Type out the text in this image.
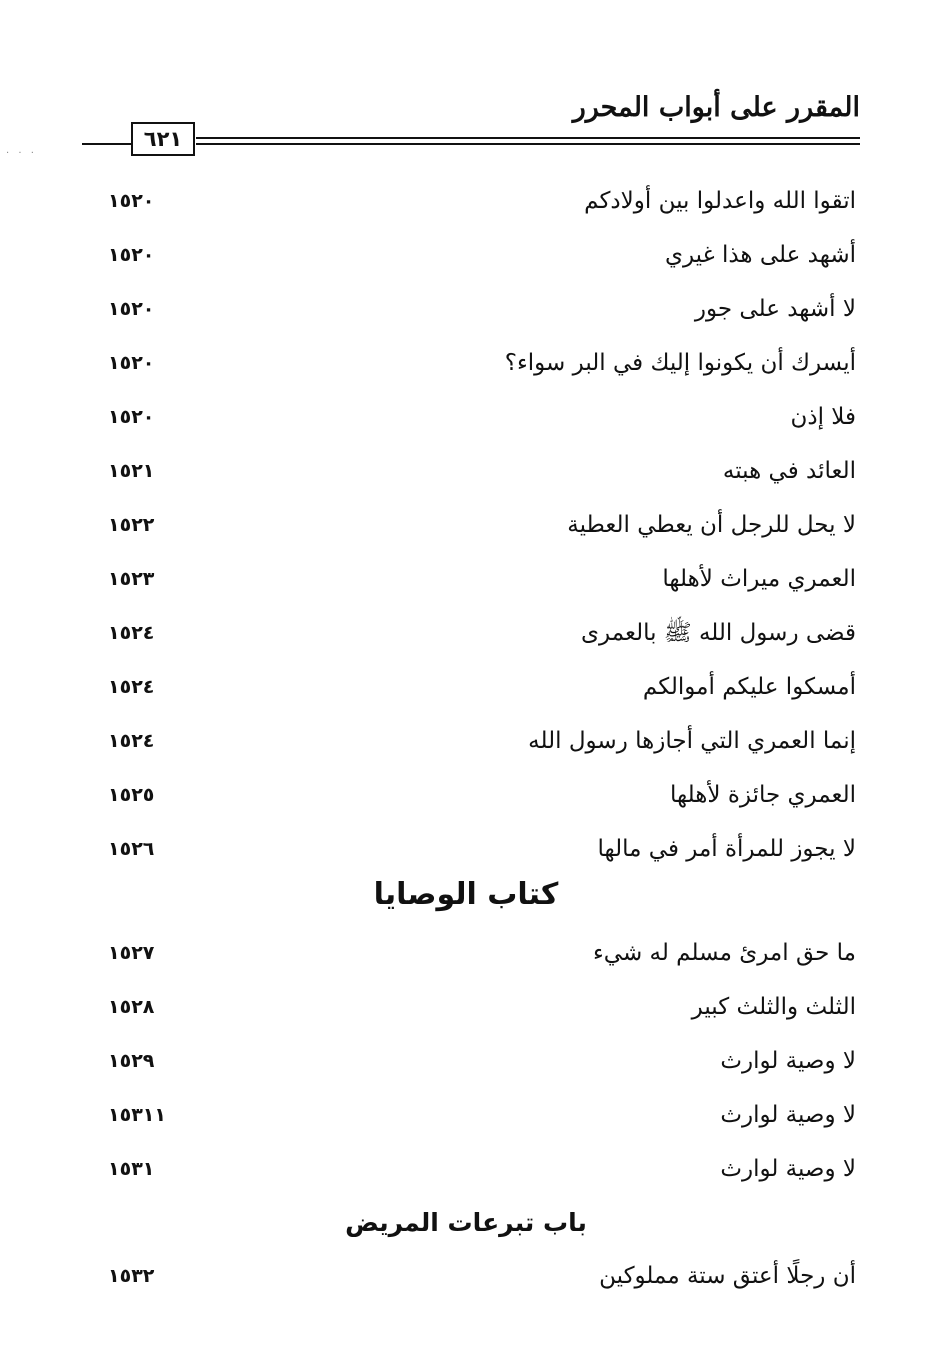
المقرر على أبواب المحرر
٦٢١
· · ·
اتقوا الله واعدلوا بين أولادكم
١٥٢٠
أشهد على هذا غيري
١٥٢٠
لا أشهد على جور
١٥٢٠
أيسرك أن يكونوا إليك في البر سواء؟
١٥٢٠
فلا إذن
١٥٢٠
العائد في هبته
١٥٢١
لا يحل للرجل أن يعطي العطية
١٥٢٢
العمري ميراث لأهلها
١٥٢٣
قضى رسول الله ﷺ بالعمرى
١٥٢٤
أمسكوا عليكم أموالكم
١٥٢٤
إنما العمري التي أجازها رسول الله
١٥٢٤
العمري جائزة لأهلها
١٥٢٥
لا يجوز للمرأة أمر في مالها
١٥٢٦
كتاب الوصايا
ما حق امرئ مسلم له شيء
١٥٢٧
الثلث والثلث كبير
١٥٢٨
لا وصية لوارث
١٥٢٩
لا وصية لوارث
١٥٣١١
لا وصية لوارث
١٥٣١
باب تبرعات المريض
أن رجلًا أعتق ستة مملوكين
١٥٣٢
